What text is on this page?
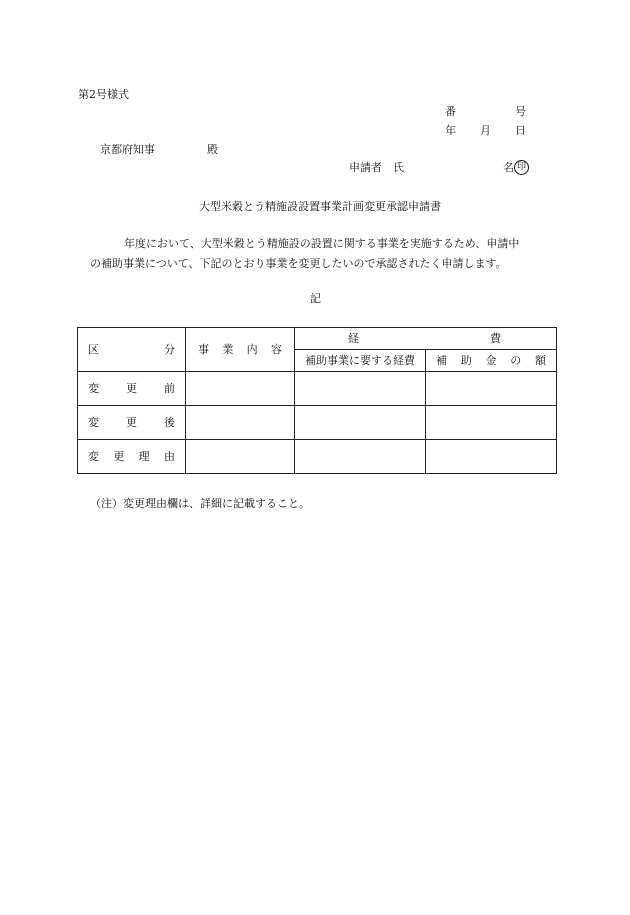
第2号様式
番	号
年 月 日
京都府知事	殿
申請者　氏	名 印
大型米穀とう精施設設置事業計画変更承認申請書
年度において、大型米穀とう精施設の設置に関する事業を実施するため、申請中
の補助事業について、下記のとおり事業を変更したいので承認されたく申請します。
記
区 分	事 業 内 容	経 費	

		補助事業に要する経費	補 助 金 の 額

変 更 前			

変 更 後			

変 更 理 由			

（注） 変更理由欄は、詳細に記載すること。
